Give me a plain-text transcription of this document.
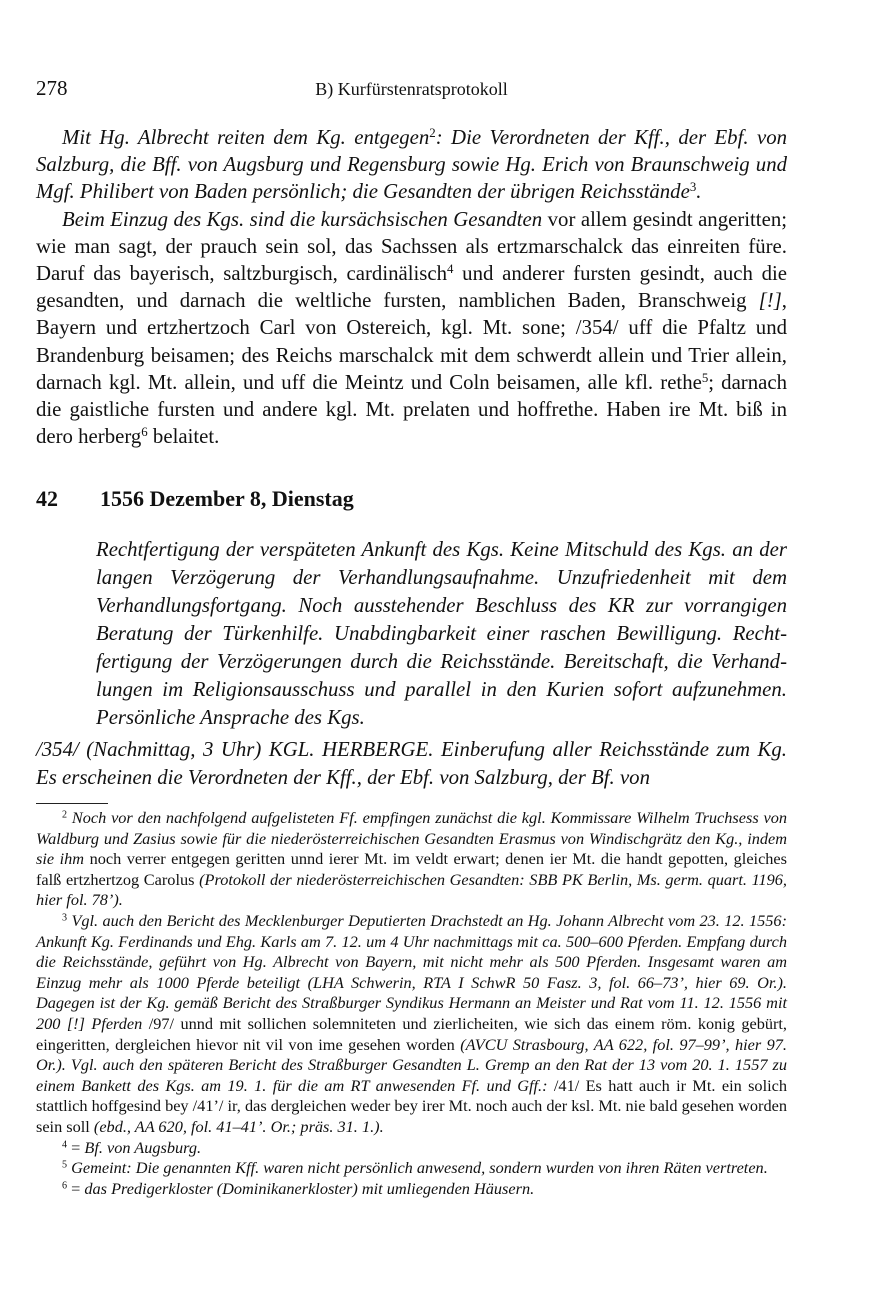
278	B) Kurfürstenratsprotokoll

Mit Hg. Albrecht reiten dem Kg. entgegen$^2$: Die Verordneten der Kff., der Ebf. von Salzburg, die Bff. von Augsburg und Regensburg sowie Hg. Erich von Braunschweig und Mgf. Philibert von Baden persönlich; die Gesandten der übrigen Reichsstände$^3$.

Beim Einzug des Kgs. sind die kursächsischen Gesandten vor allem gesindt angeritten; wie man sagt, der prauch sein sol, das Sachssen als ertzmarschalck das einreiten füre. Daruf das bayerisch, saltzburgisch, cardinälisch$^4$ und anderer fursten gesindt, auch die gesandten, und darnach die weltliche fursten, namblichen Baden, Branschweig [!], Bayern und ertzhertzoch Carl von Ostereich, kgl. Mt. sone; /354/ uff die Pfaltz und Brandenburg beisamen; des Reichs marschalck mit dem schwerdt allein und Trier allein, darnach kgl. Mt. allein, und uff die Meintz und Coln beisamen, alle kfl. rethe$^5$; darnach die gaistliche fursten und andere kgl. Mt. prelaten und hoffrethe. Haben ire Mt. biß in dero herberg$^6$ belaitet.

42 1556 Dezember 8, Dienstag

Rechtfertigung der verspäteten Ankunft des Kgs. Keine Mitschuld des Kgs. an der langen Verzögerung der Verhandlungsaufnahme. Unzufriedenheit mit dem Verhandlungsfortgang. Noch ausstehender Beschluss des KR zur vorrangigen Beratung der Türkenhilfe. Unabdingbarkeit einer raschen Bewilligung. Rechtfertigung der Verzögerungen durch die Reichsstände. Bereitschaft, die Verhandlungen im Religionsausschuss und parallel in den Kurien sofort aufzunehmen. Persönliche Ansprache des Kgs.

/354/ (Nachmittag, 3 Uhr) KGL. HERBERGE. Einberufung aller Reichsstände zum Kg. Es erscheinen die Verordneten der Kff., der Ebf. von Salzburg, der Bf. von

$^2$ Noch vor den nachfolgend aufgelisteten Ff. empfingen zunächst die kgl. Kommissare Wilhelm Truchsess von Waldburg und Zasius sowie für die niederösterreichischen Gesandten Erasmus von Windischgrätz den Kg., indem sie ihm noch verrer entgegen geritten unnd ierer Mt. im veldt erwart; denen ier Mt. die handt gepotten, gleiches falß ertzhertzog Carolus (Protokoll der niederösterreichischen Gesandten: SBB PK Berlin, Ms. germ. quart. 1196, hier fol. 78’).

$^3$ Vgl. auch den Bericht des Mecklenburger Deputierten Drachstedt an Hg. Johann Albrecht vom 23. 12. 1556: Ankunft Kg. Ferdinands und Ehg. Karls am 7. 12. um 4 Uhr nachmittags mit ca. 500–600 Pferden. Empfang durch die Reichsstände, geführt von Hg. Albrecht von Bayern, mit nicht mehr als 500 Pferden. Insgesamt waren am Einzug mehr als 1000 Pferde beteiligt (LHA Schwerin, RTA I SchwR 50 Fasz. 3, fol. 66–73’, hier 69. Or.). Dagegen ist der Kg. gemäß Bericht des Straßburger Syndikus Hermann an Meister und Rat vom 11. 12. 1556 mit 200 [!] Pferden /97/ unnd mit sollichen solemniteten und zierlicheiten, wie sich das einem röm. konig gebürt, eingeritten, dergleichen hievor nit vil von ime gesehen worden (AVCU Strasbourg, AA 622, fol. 97–99’, hier 97. Or.). Vgl. auch den späteren Bericht des Straßburger Gesandten L. Gremp an den Rat der 13 vom 20. 1. 1557 zu einem Bankett des Kgs. am 19. 1. für die am RT anwesenden Ff. und Gff.: /41/ Es hatt auch ir Mt. ein solich stattlich hoffgesind bey /41’/ ir, das dergleichen weder bey irer Mt. noch auch der ksl. Mt. nie bald gesehen worden sein soll (ebd., AA 620, fol. 41–41’. Or.; präs. 31. 1.).

$^4$ = Bf. von Augsburg.

$^5$ Gemeint: Die genannten Kff. waren nicht persönlich anwesend, sondern wurden von ihren Räten vertreten.

$^6$ = das Predigerkloster (Dominikanerkloster) mit umliegenden Häusern.
